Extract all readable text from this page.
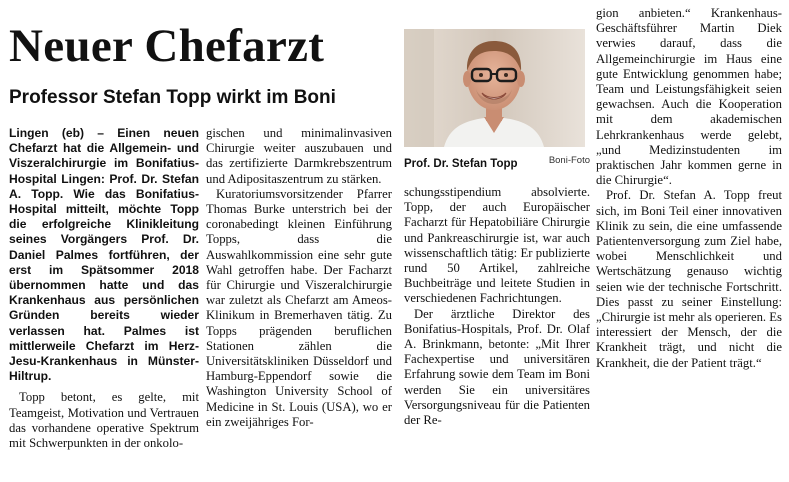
Neuer Chefarzt
Professor Stefan Topp wirkt im Boni
Prof. Dr. Stefan Topp	Boni-Foto

Lingen (eb) – Einen neuen Chefarzt hat die Allgemein- und Viszeralchirurgie im Bonifatius-Hospital Lingen: Prof. Dr. Stefan A. Topp. Wie das Bonifatius-Hospital mitteilt, möchte Topp die erfolgreiche Klinikleitung seines Vorgängers Prof. Dr. Daniel Palmes fortführen, der erst im Spätsommer 2018 übernommen hatte und das Krankenhaus aus persönlichen Gründen bereits wieder verlassen hat. Palmes ist mittlerweile Chefarzt im Herz-Jesu-Krankenhaus in Münster-Hiltrup.

Topp betont, es gelte, mit Teamgeist, Motivation und Vertrauen das vorhandene operative Spektrum mit Schwerpunkten in der onkolo-

gischen und minimalinvasiven Chirurgie weiter auszubauen und das zertifizierte Darmkrebszentrum und Adipositaszentrum zu stärken.

Kuratoriumsvorsitzender Pfarrer Thomas Burke unterstrich bei der coronabedingt kleinen Einführung Topps, dass die Auswahlkommission eine sehr gute Wahl getroffen habe. Der Facharzt für Chirurgie und Viszeralchirurgie war zuletzt als Chefarzt am Ameos-Klinikum in Bremerhaven tätig. Zu Topps prägenden beruflichen Stationen zählen die Universitätskliniken Düsseldorf und Hamburg-Eppendorf sowie die Washington University School of Medicine in St. Louis (USA), wo er ein zweijähriges For-

schungsstipendium absolvierte. Topp, der auch Europäischer Facharzt für Hepatobiliäre Chirurgie und Pankreaschirurgie ist, war auch wissenschaftlich tätig: Er publizierte rund 50 Artikel, zahlreiche Buchbeiträge und leitete Studien in verschiedenen Fachrichtungen.

Der ärztliche Direktor des Bonifatius-Hospitals, Prof. Dr. Olaf A. Brinkmann, betonte: „Mit Ihrer Fachexpertise und universitären Erfahrung sowie dem Team im Boni werden Sie ein universitäres Versorgungsniveau für die Patienten der Re-

gion anbieten.“ Krankenhaus-Geschäftsführer Martin Diek verwies darauf, dass die Allgemeinchirurgie im Haus eine gute Entwicklung genommen habe; Team und Leistungsfähigkeit seien gewachsen. Auch die Kooperation mit dem akademischen Lehrkrankenhaus werde gelebt, „und Medizinstudenten im praktischen Jahr kommen gerne in die Chirurgie“.

Prof. Dr. Stefan A. Topp freut sich, im Boni Teil einer innovativen Klinik zu sein, die eine umfassende Patientenversorgung zum Ziel habe, wobei Menschlichkeit und Wertschätzung genauso wichtig seien wie der technische Fortschritt. Dies passt zu seiner Einstellung: „Chirurgie ist mehr als operieren. Es interessiert der Mensch, der die Krankheit trägt, und nicht die Krankheit, die der Patient trägt.“
